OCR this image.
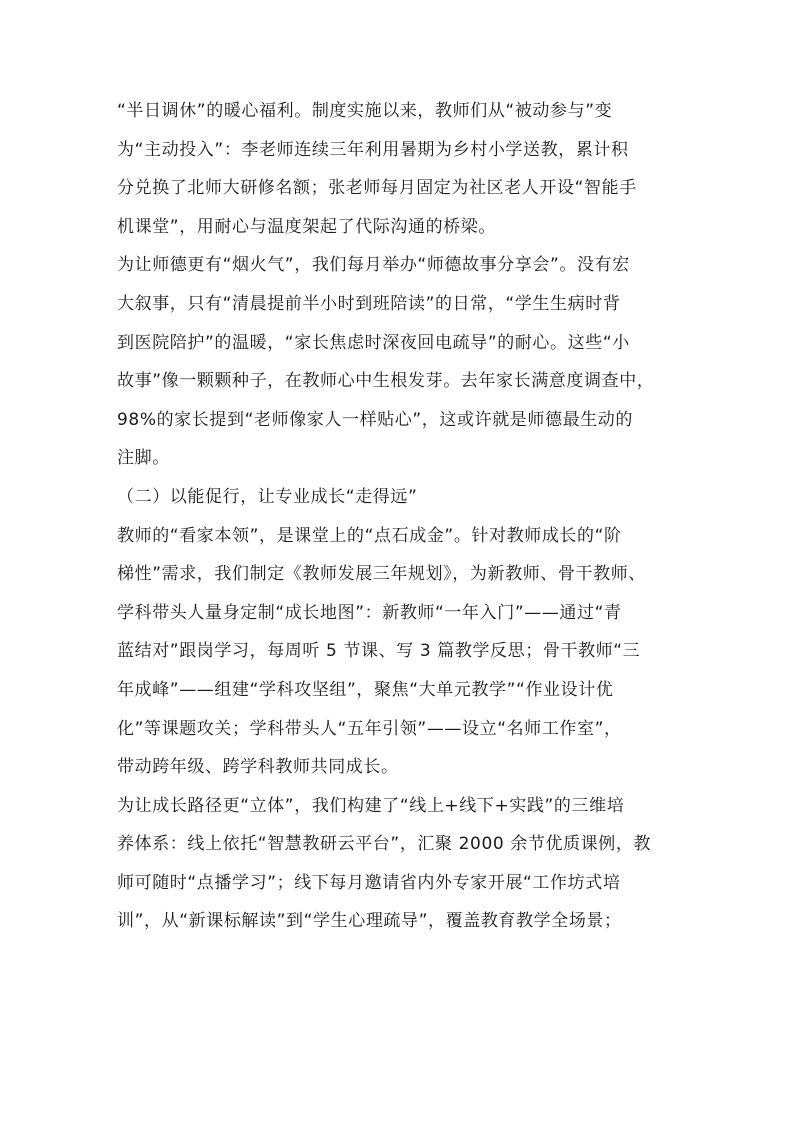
“半日调休”的暖心福利。制度实施以来，教师们从“被动参与”变
为“主动投入”：李老师连续三年利用暑期为乡村小学送教，累计积
分兑换了北师大研修名额；张老师每月固定为社区老人开设“智能手
机课堂”，用耐心与温度架起了代际沟通的桥梁。
为让师德更有“烟火气”，我们每月举办“师德故事分享会”。没有宏
大叙事，只有“清晨提前半小时到班陪读”的日常，“学生生病时背
到医院陪护”的温暖，“家长焦虑时深夜回电疏导”的耐心。这些“小
故事”像一颗颗种子，在教师心中生根发芽。去年家长满意度调查中，
98%的家长提到“老师像家人一样贴心”，这或许就是师德最生动的
注脚。
（二）以能促行，让专业成长“走得远”
教师的“看家本领”，是课堂上的“点石成金”。针对教师成长的“阶
梯性”需求，我们制定《教师发展三年规划》，为新教师、骨干教师、
学科带头人量身定制“成长地图”：新教师“一年入门”——通过“青
蓝结对”跟岗学习，每周听 5 节课、写 3 篇教学反思；骨干教师“三
年成峰”——组建“学科攻坚组”，聚焦“大单元教学”“作业设计优
化”等课题攻关；学科带头人“五年引领”——设立“名师工作室”，
带动跨年级、跨学科教师共同成长。
为让成长路径更“立体”，我们构建了“线上+线下+实践”的三维培
养体系：线上依托“智慧教研云平台”，汇聚 2000 余节优质课例，教
师可随时“点播学习”；线下每月邀请省内外专家开展“工作坊式培
训”，从“新课标解读”到“学生心理疏导”，覆盖教育教学全场景；
